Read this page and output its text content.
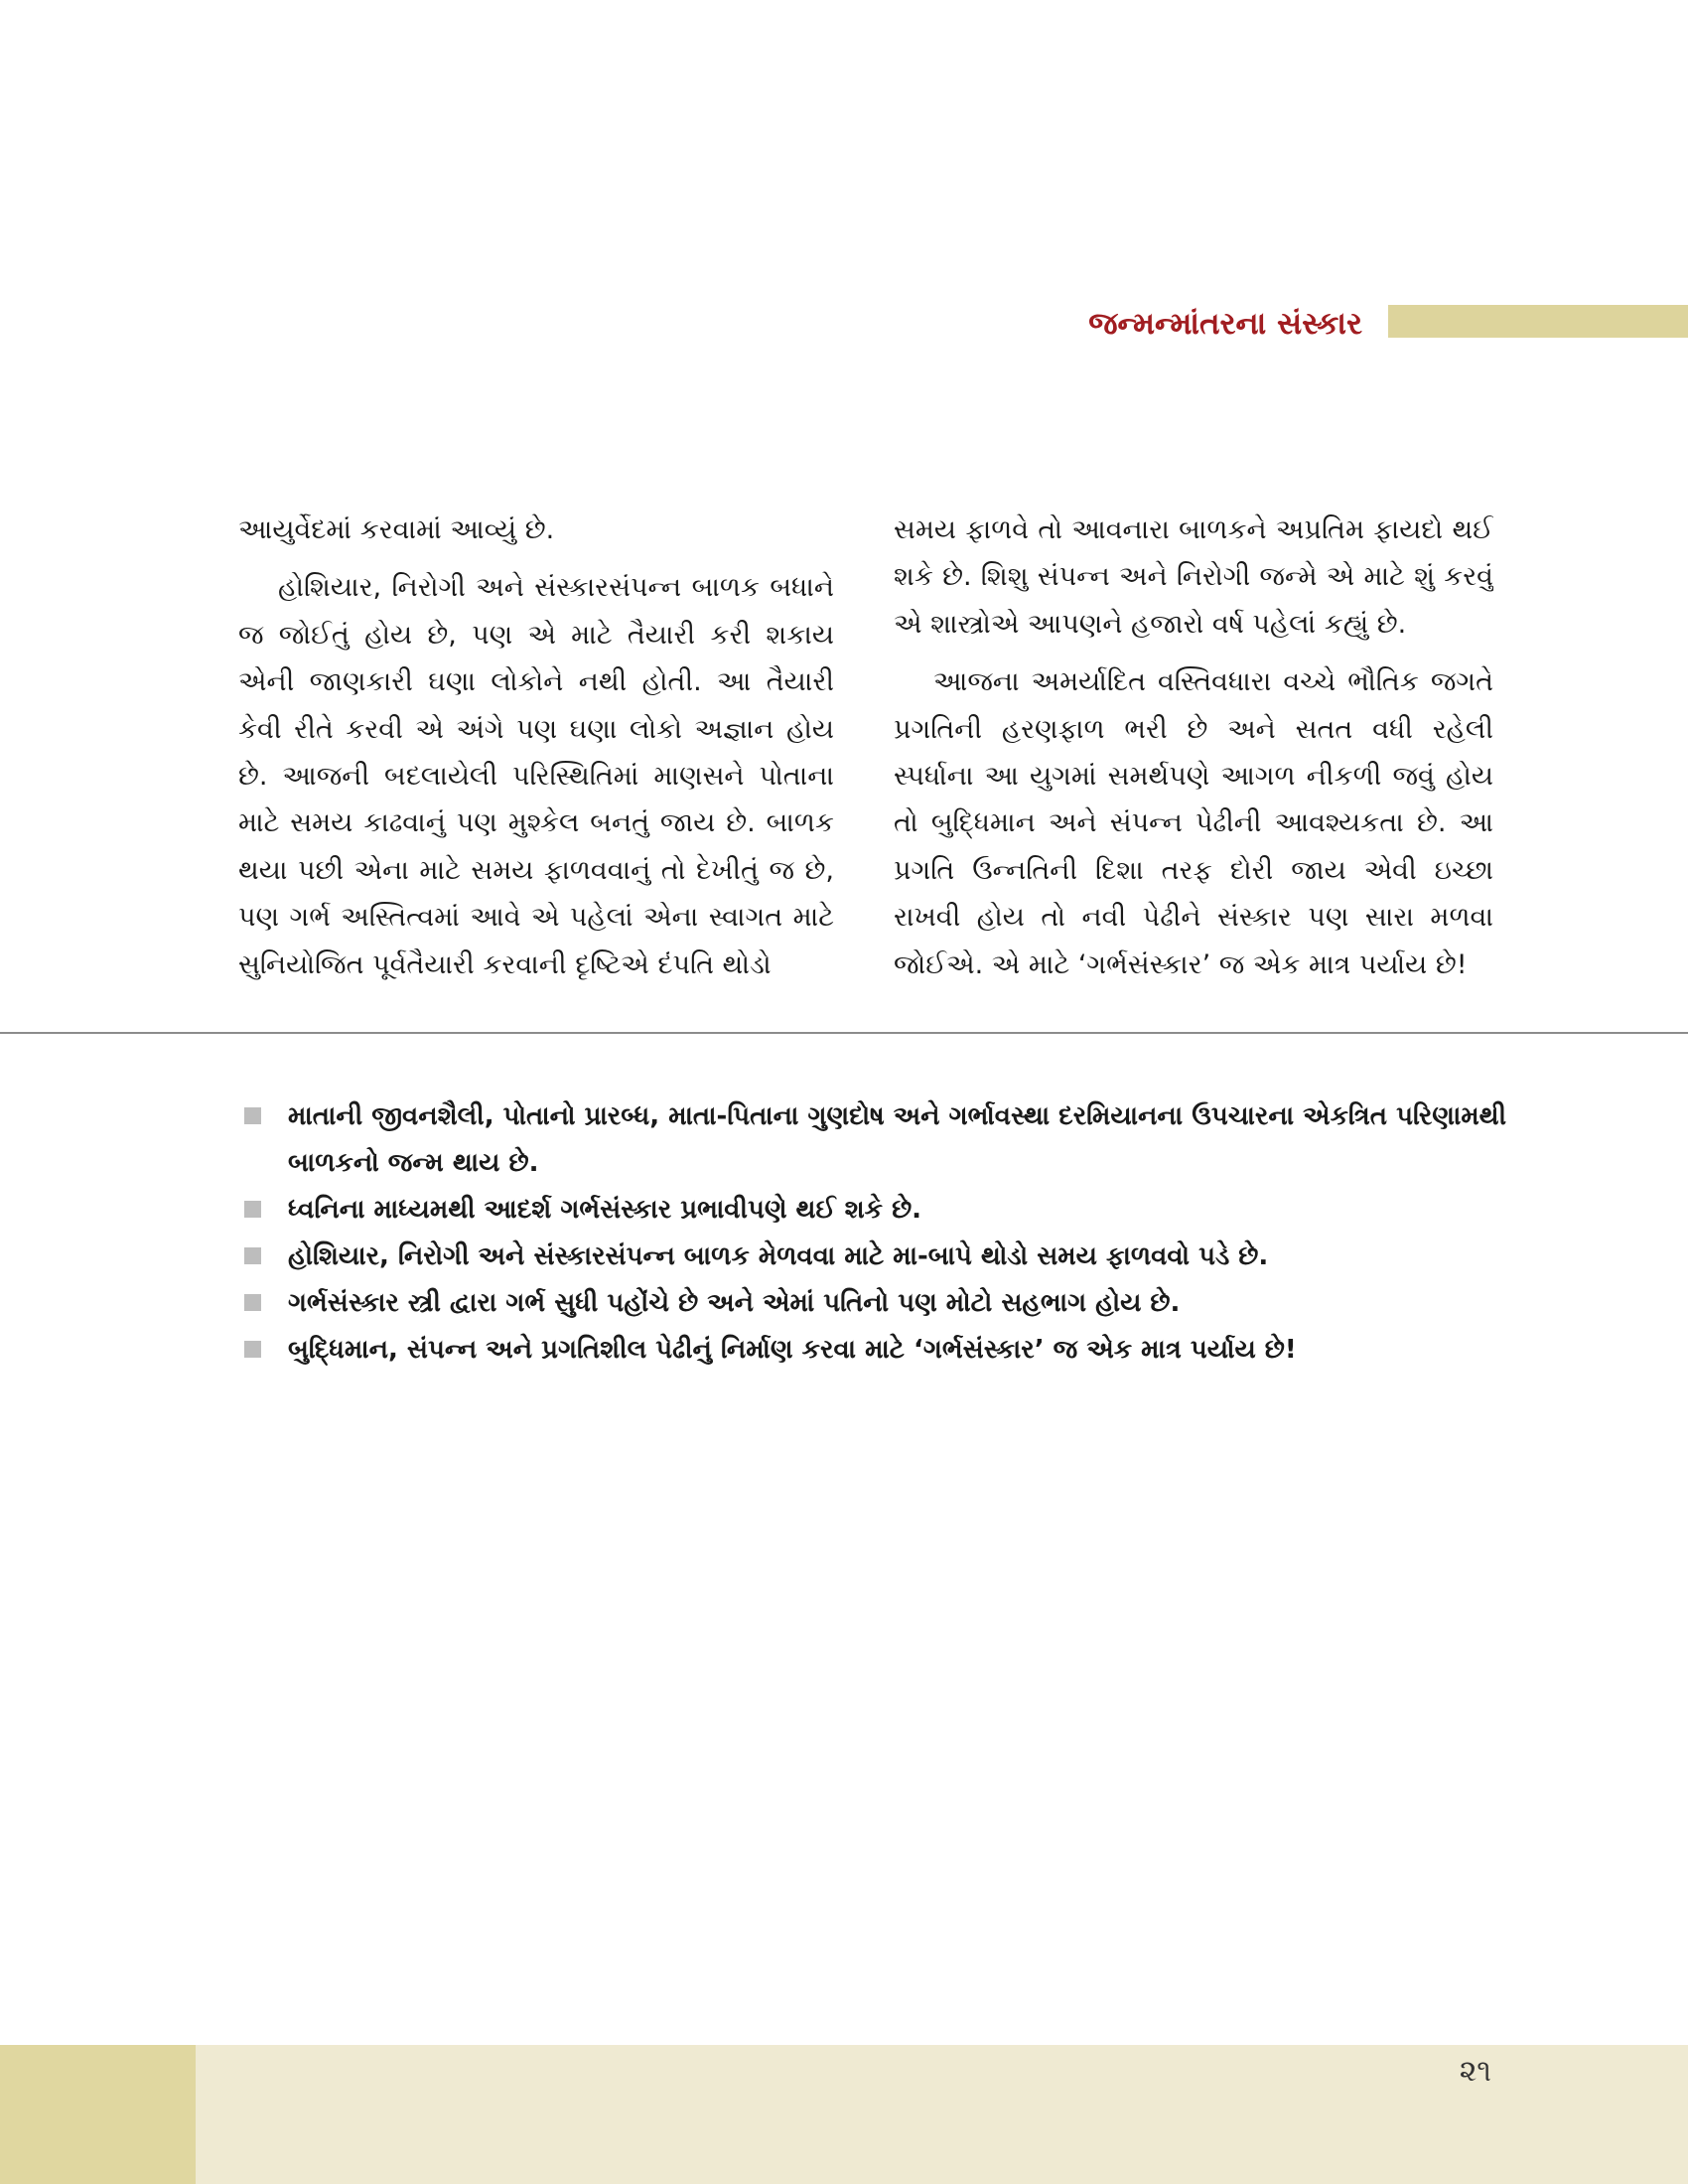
જન્મન્માંતરના સંસ્કાર

આયુર્વેદમાં કરવામાં આવ્યું છે.

હોશિયાર, નિરોગી અને સંસ્કારસંપન્ન બાળક બધાને જ જોઈતું હોય છે, પણ એ માટે તૈયારી કરી શકાય એની જાણકારી ઘણા લોકોને નથી હોતી. આ તૈયારી કેવી રીતે કરવી એ અંગે પણ ઘણા લોકો અજ્ઞાન હોય છે. આજની બદલાયેલી પરિસ્થિતિમાં માણસને પોતાના માટે સમય કાઢવાનું પણ મુશ્કેલ બનતું જાય છે. બાળક થયા પછી એના માટે સમય ફાળવવાનું તો દેખીતું જ છે, પણ ગર્ભ અસ્તિત્વમાં આવે એ પહેલાં એના સ્વાગત માટે સુનિયોજિત પૂર્વતૈયારી કરવાની દૃષ્ટિએ દંપતિ થોડો

સમય ફાળવે તો આવનારા બાળકને અપ્રતિમ ફાયદો થઈ શકે છે. શિશુ સંપન્ન અને નિરોગી જન્મે એ માટે શું કરવું એ શાસ્ત્રોએ આપણને હજારો વર્ષ પહેલાં કહ્યું છે.

આજના અમર્યાદિત વસ્તિવધારા વચ્ચે ભૌતિક જગતે પ્રગતિની હરણફાળ ભરી છે અને સતત વધી રહેલી સ્પર્ધાના આ યુગમાં સમર્થપણે આગળ નીકળી જવું હોય તો બુદ્ધિમાન અને સંપન્ન પેઢીની આવશ્યકતા છે. આ પ્રગતિ ઉન્નતિની દિશા તરફ દોરી જાય એવી ઇચ્છા રાખવી હોય તો નવી પેઢીને સંસ્કાર પણ સારા મળવા જોઈએ. એ માટે ‘ગર્ભસંસ્કાર’ જ એક માત્ર પર્યાય છે!

માતાની જીવનશૈલી, પોતાનો પ્રારબ્ધ, માતા-પિતાના ગુણદોષ અને ગર્ભાવસ્થા દરમિયાનના ઉપચારના એકત્રિત પરિણામથી બાળકનો જન્મ થાય છે.
ધ્વનિના માધ્યમથી આદર્શ ગર્ભસંસ્કાર પ્રભાવીપણે થઈ શકે છે.
હોશિયાર, નિરોગી અને સંસ્કારસંપન્ન બાળક મેળવવા માટે મા-બાપે થોડો સમય ફાળવવો પડે છે.
ગર્ભસંસ્કાર સ્ત્રી દ્વારા ગર્ભ સુધી પહોંચે છે અને એમાં પતિનો પણ મોટો સહભાગ હોય છે.
બુદ્ધિમાન, સંપન્ન અને પ્રગતિશીલ પેઢીનું નિર્માણ કરવા માટે ‘ગર્ભસંસ્કાર’ જ એક માત્ર પર્યાય છે!
૨૧
